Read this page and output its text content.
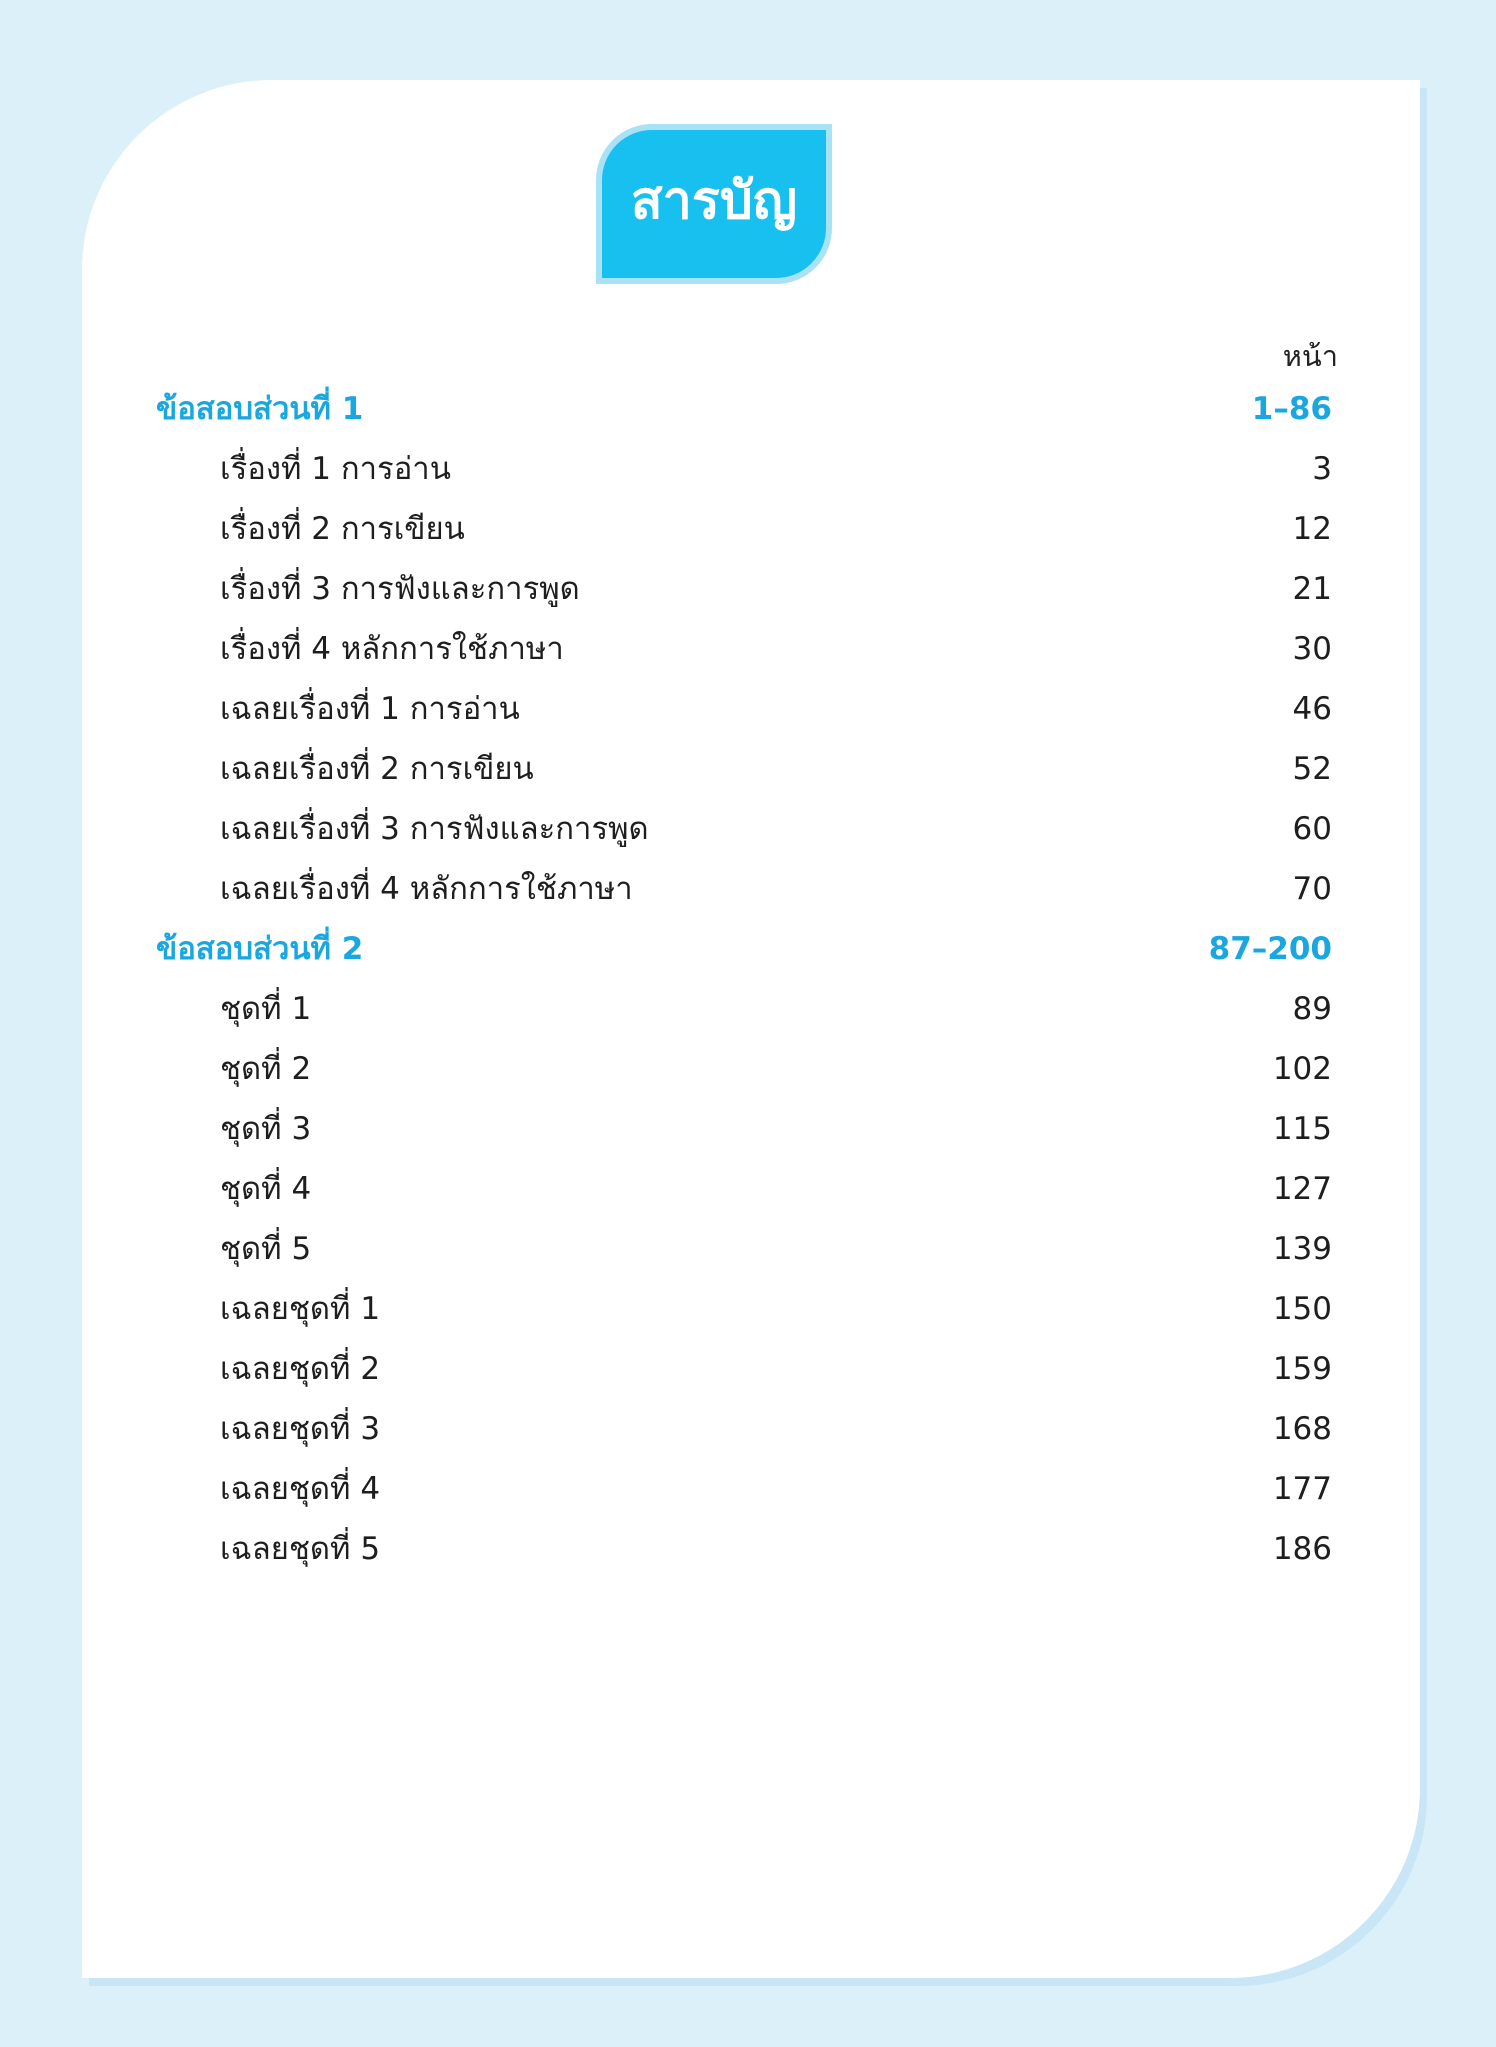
สารบัญ
หน้า
ข้อสอบส่วนที่ 1	1–86
เรื่องที่ 1 การอ่าน	3
เรื่องที่ 2 การเขียน	12
เรื่องที่ 3 การฟังและการพูด	21
เรื่องที่ 4 หลักการใช้ภาษา	30
เฉลยเรื่องที่ 1 การอ่าน	46
เฉลยเรื่องที่ 2 การเขียน	52
เฉลยเรื่องที่ 3 การฟังและการพูด	60
เฉลยเรื่องที่ 4 หลักการใช้ภาษา	70
ข้อสอบส่วนที่ 2	87–200
ชุดที่ 1	89
ชุดที่ 2	102
ชุดที่ 3	115
ชุดที่ 4	127
ชุดที่ 5	139
เฉลยชุดที่ 1	150
เฉลยชุดที่ 2	159
เฉลยชุดที่ 3	168
เฉลยชุดที่ 4	177
เฉลยชุดที่ 5	186
